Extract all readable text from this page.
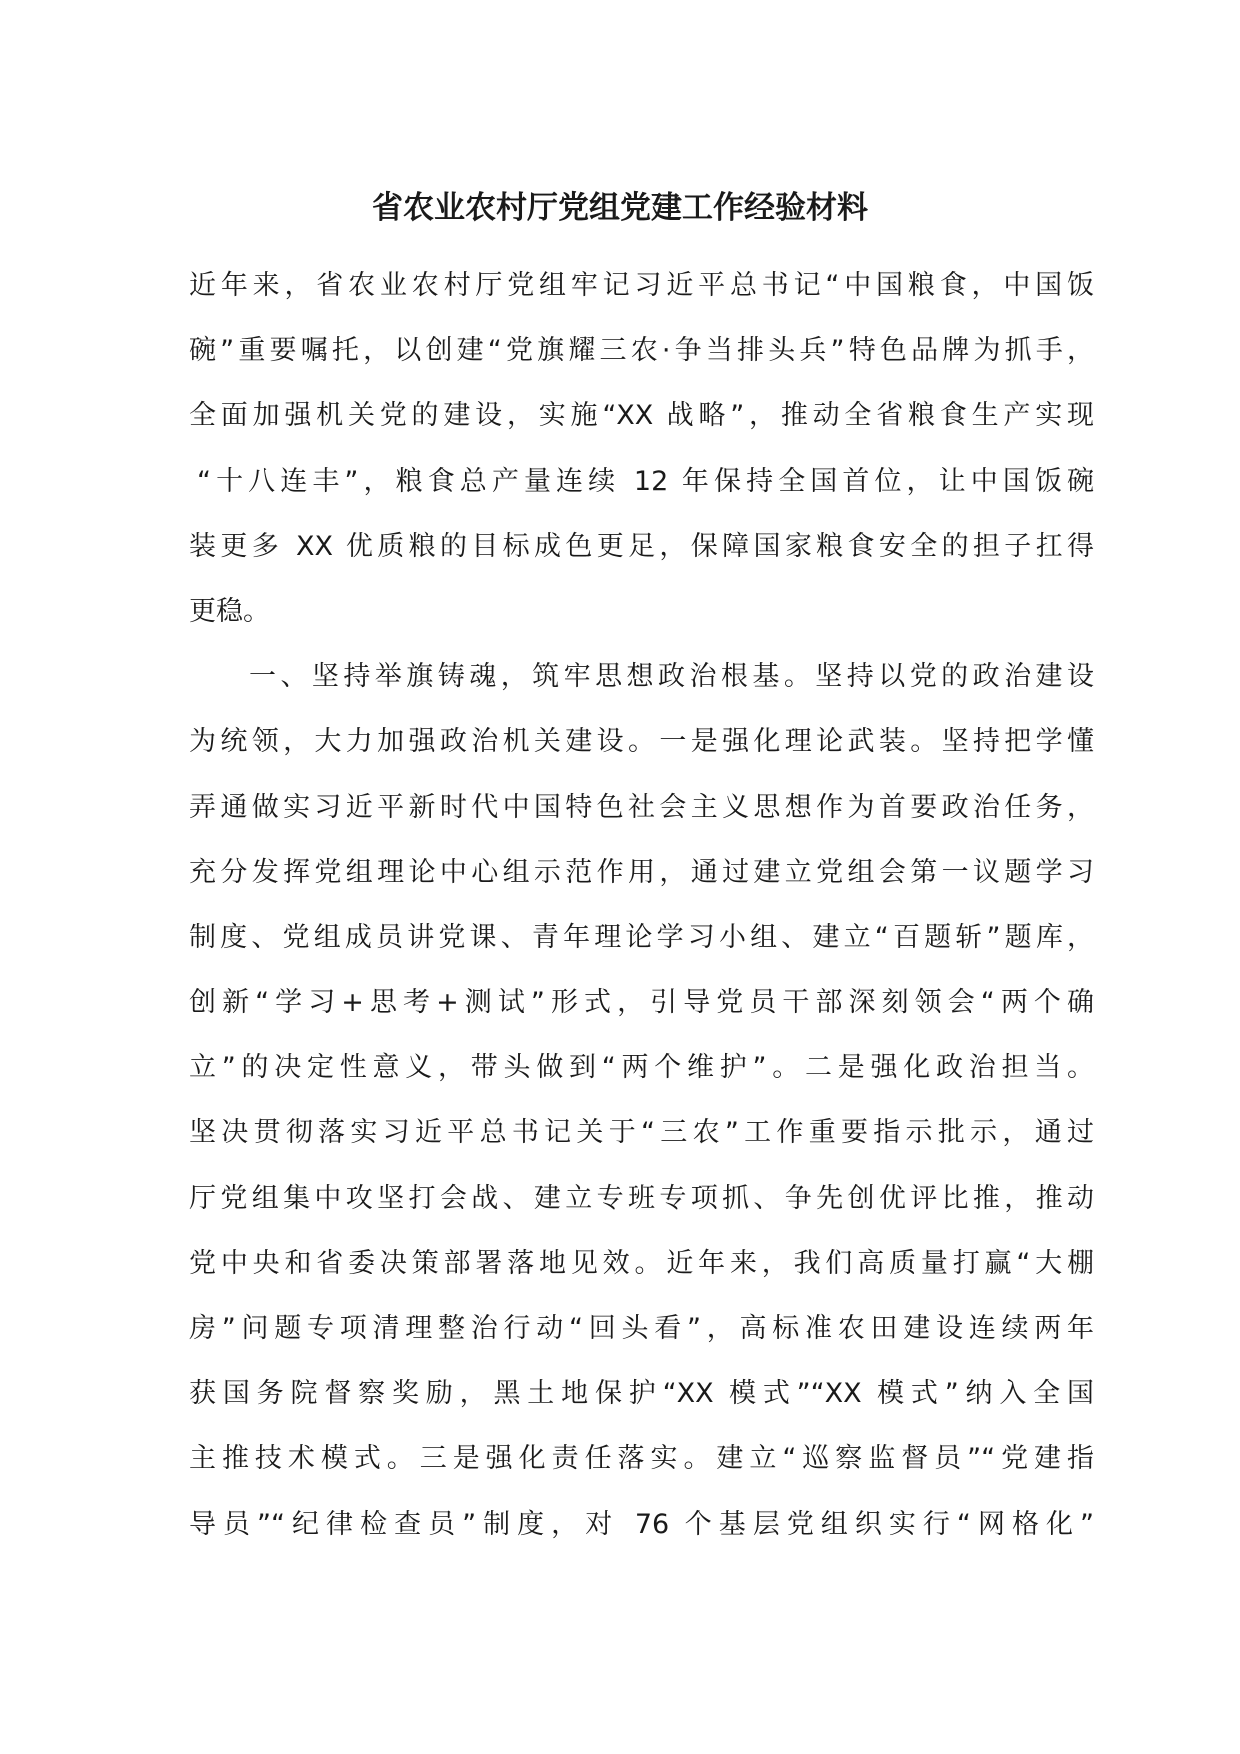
省农业农村厅党组党建工作经验材料
近年来，省农业农村厅党组牢记习近平总书记“中国粮食，中国饭
碗”重要嘱托，以创建“党旗耀三农·争当排头兵”特色品牌为抓手，
全面加强机关党的建设，实施“XX 战略”，推动全省粮食生产实现
“十八连丰”，粮食总产量连续 12 年保持全国首位，让中国饭碗
装更多 XX 优质粮的目标成色更足，保障国家粮食安全的担子扛得
更稳。
一、坚持举旗铸魂，筑牢思想政治根基。坚持以党的政治建设
为统领，大力加强政治机关建设。一是强化理论武装。坚持把学懂
弄通做实习近平新时代中国特色社会主义思想作为首要政治任务，
充分发挥党组理论中心组示范作用，通过建立党组会第一议题学习
制度、党组成员讲党课、青年理论学习小组、建立“百题斩”题库，
创新“学习+思考+测试”形式，引导党员干部深刻领会“两个确
立”的决定性意义，带头做到“两个维护”。二是强化政治担当。
坚决贯彻落实习近平总书记关于“三农”工作重要指示批示，通过
厅党组集中攻坚打会战、建立专班专项抓、争先创优评比推，推动
党中央和省委决策部署落地见效。近年来，我们高质量打赢“大棚
房”问题专项清理整治行动“回头看”，高标准农田建设连续两年
获国务院督察奖励，黑土地保护“XX 模式”“XX 模式”纳入全国
主推技术模式。三是强化责任落实。建立“巡察监督员”“党建指
导员”“纪律检查员”制度，对 76 个基层党组织实行“网格化”
